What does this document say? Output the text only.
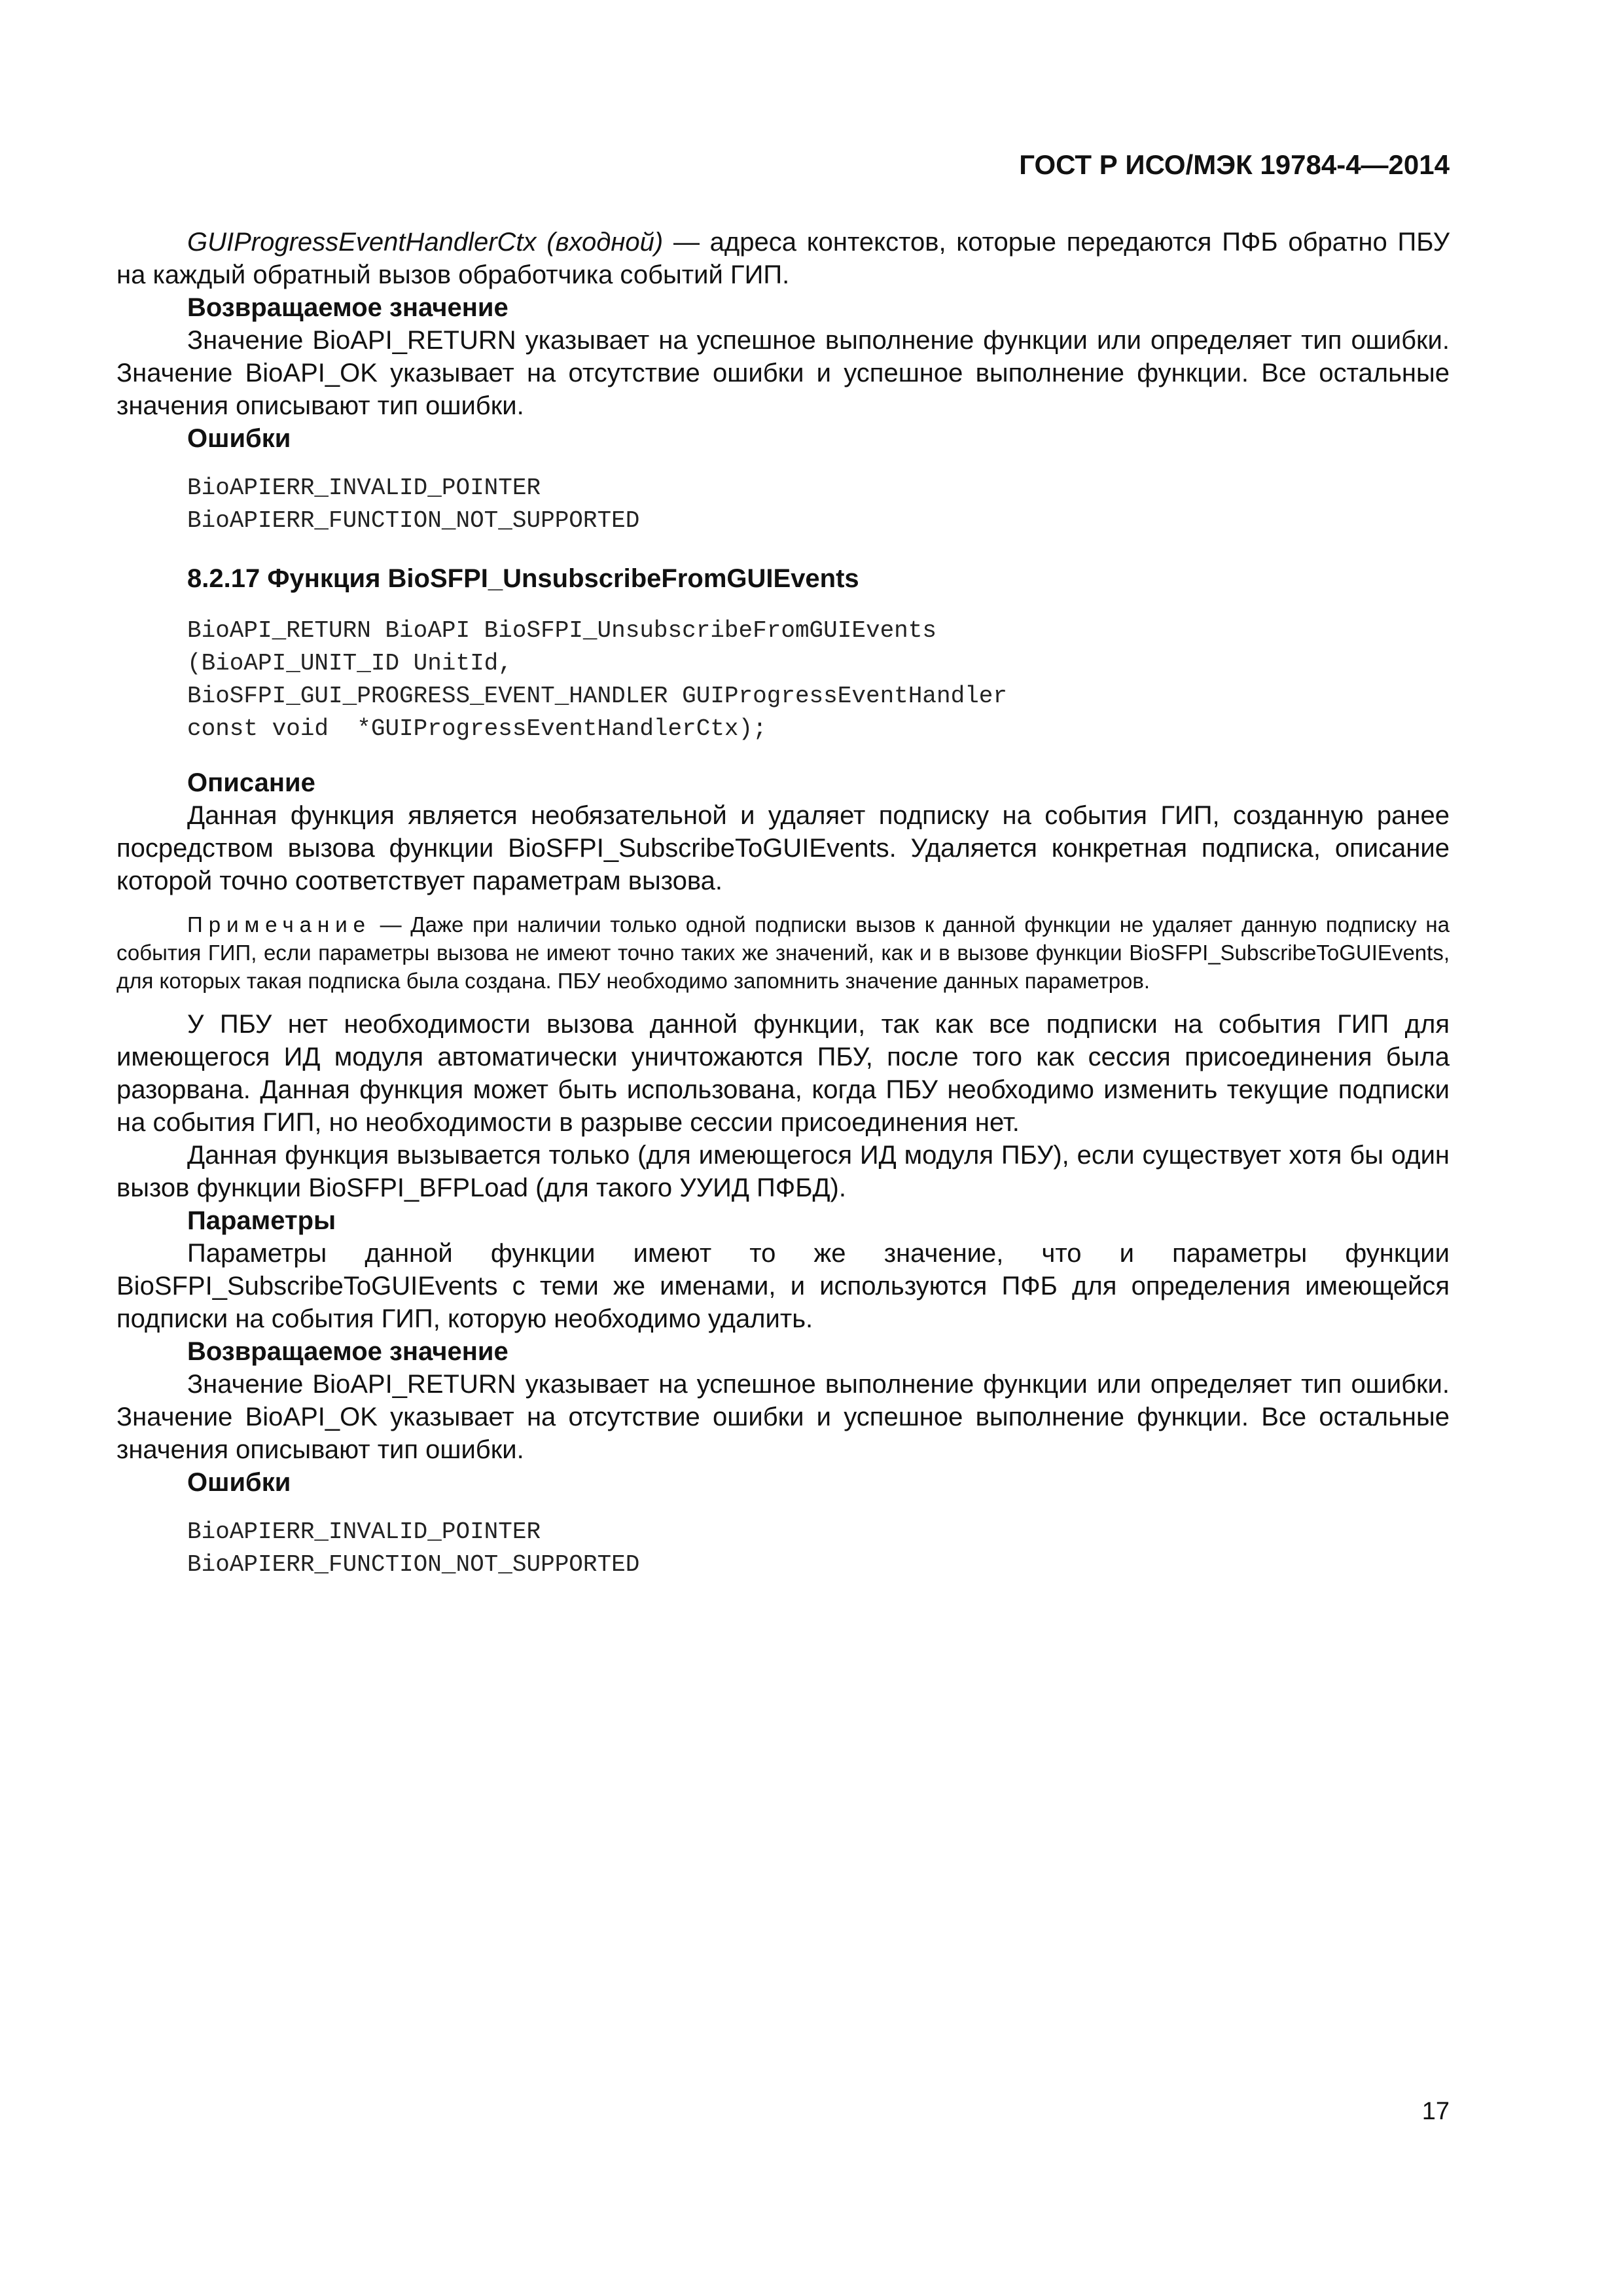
ГОСТ Р ИСО/МЭК 19784-4—2014

GUIProgressEventHandlerCtx (входной) — адреса контекстов, которые передаются ПФБ обратно ПБУ на каждый обратный вызов обработчика событий ГИП.

Возвращаемое значение

Значение BioAPI_RETURN указывает на успешное выполнение функции или определяет тип ошибки. Значение BioAPI_OK указывает на отсутствие ошибки и успешное выполнение функции. Все остальные значения описывают тип ошибки.

Ошибки

BioAPIERR_INVALID_POINTER

BioAPIERR_FUNCTION_NOT_SUPPORTED

8.2.17 Функция BioSFPI_UnsubscribeFromGUIEvents

BioAPI_RETURN BioAPI BioSFPI_UnsubscribeFromGUIEvents

(BioAPI_UNIT_ID UnitId,

BioSFPI_GUI_PROGRESS_EVENT_HANDLER GUIProgressEventHandler

const void  *GUIProgressEventHandlerCtx);

Описание

Данная функция является необязательной и удаляет подписку на события ГИП, созданную ранее посредством вызова функции BioSFPI_SubscribeToGUIEvents. Удаляется конкретная подписка, описание которой точно соответствует параметрам вызова.

Примечание — Даже при наличии только одной подписки вызов к данной функции не удаляет данную подписку на события ГИП, если параметры вызова не имеют точно таких же значений, как и в вызове функции BioSFPI_SubscribeToGUIEvents, для которых такая подписка была создана. ПБУ необходимо запомнить значение данных параметров.

У ПБУ нет необходимости вызова данной функции, так как все подписки на события ГИП для имеющегося ИД модуля автоматически уничтожаются ПБУ, после того как сессия присоединения была разорвана. Данная функция может быть использована, когда ПБУ необходимо изменить текущие подписки на события ГИП, но необходимости в разрыве сессии присоединения нет.

Данная функция вызывается только (для имеющегося ИД модуля ПБУ), если существует хотя бы один вызов функции BioSFPI_BFPLoad (для такого УУИД ПФБД).

Параметры

Параметры данной функции имеют то же значение, что и параметры функции BioSFPI_SubscribeToGUIEvents с теми же именами, и используются ПФБ для определения имеющейся подписки на события ГИП, которую необходимо удалить.

Возвращаемое значение

Значение BioAPI_RETURN указывает на успешное выполнение функции или определяет тип ошибки. Значение BioAPI_OK указывает на отсутствие ошибки и успешное выполнение функции. Все остальные значения описывают тип ошибки.

Ошибки

BioAPIERR_INVALID_POINTER

BioAPIERR_FUNCTION_NOT_SUPPORTED

17
